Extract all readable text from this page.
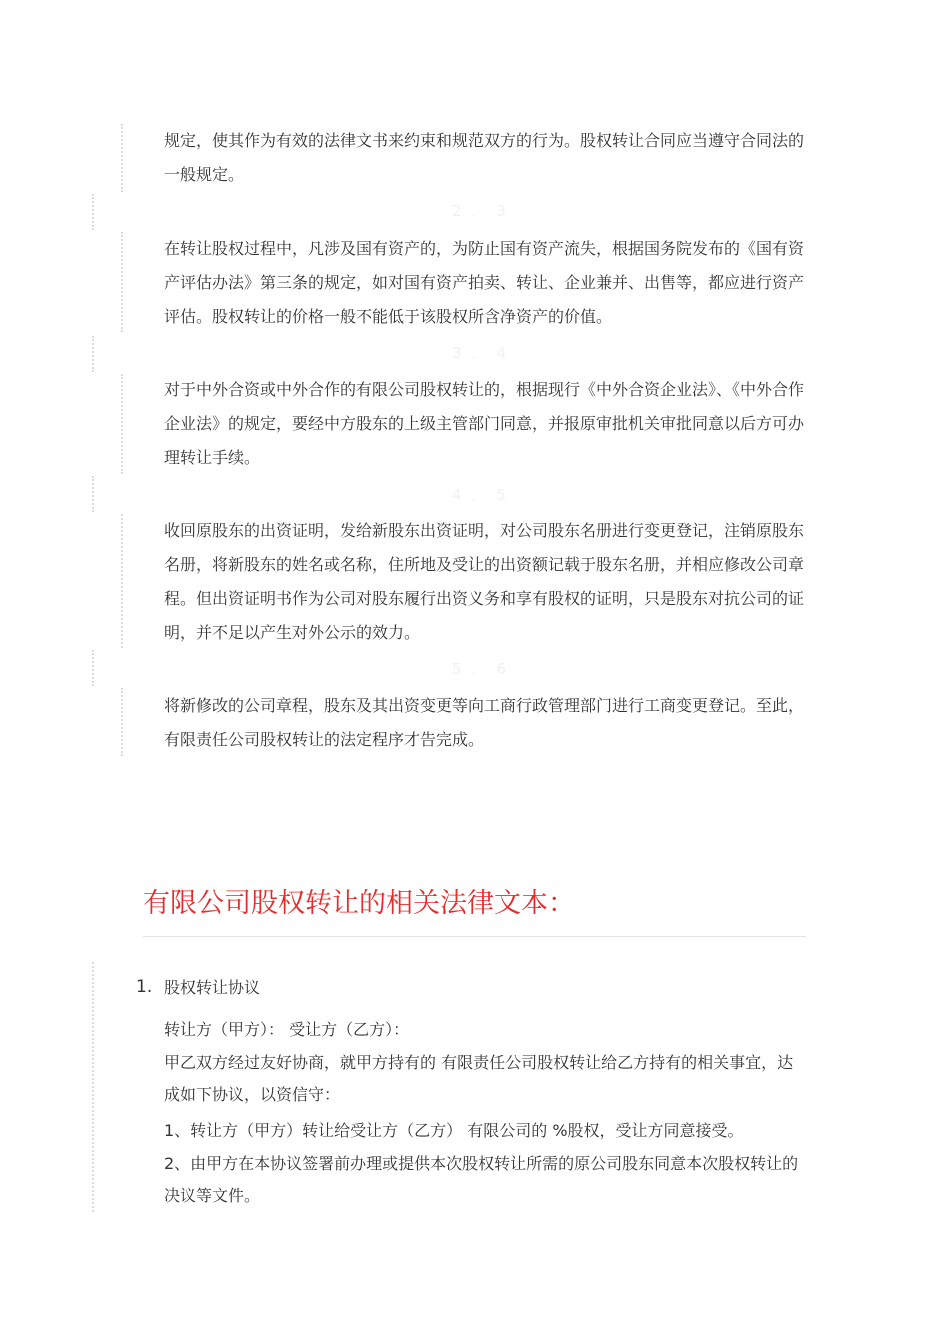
规定，使其作为有效的法律文书来约束和规范双方的行为。股权转让合同应当遵守合同法的一般规定。

2．3

在转让股权过程中，凡涉及国有资产的，为防止国有资产流失，根据国务院发布的《国有资产评估办法》第三条的规定，如对国有资产拍卖、转让、企业兼并、出售等，都应进行资产评估。股权转让的价格一般不能低于该股权所含净资产的价值。

3．4

对于中外合资或中外合作的有限公司股权转让的，根据现行《中外合资企业法》、《中外合作企业法》的规定，要经中方股东的上级主管部门同意，并报原审批机关审批同意以后方可办理转让手续。

4．5

收回原股东的出资证明，发给新股东出资证明，对公司股东名册进行变更登记，注销原股东名册，将新股东的姓名或名称，住所地及受让的出资额记载于股东名册，并相应修改公司章程。但出资证明书作为公司对股东履行出资义务和享有股权的证明，只是股东对抗公司的证明，并不足以产生对外公示的效力。

5．6

将新修改的公司章程，股东及其出资变更等向工商行政管理部门进行工商变更登记。至此，有限责任公司股权转让的法定程序才告完成。

有限公司股权转让的相关法律文本：
1. 股权转让协议

转让方（甲方）： 受让方（乙方）：

甲乙双方经过友好协商，就甲方持有的 有限责任公司股权转让给乙方持有的相关事宜，达成如下协议，以资信守：

1、转让方（甲方）转让给受让方（乙方） 有限公司的 %股权，受让方同意接受。

2、由甲方在本协议签署前办理或提供本次股权转让所需的原公司股东同意本次股权转让的决议等文件。
